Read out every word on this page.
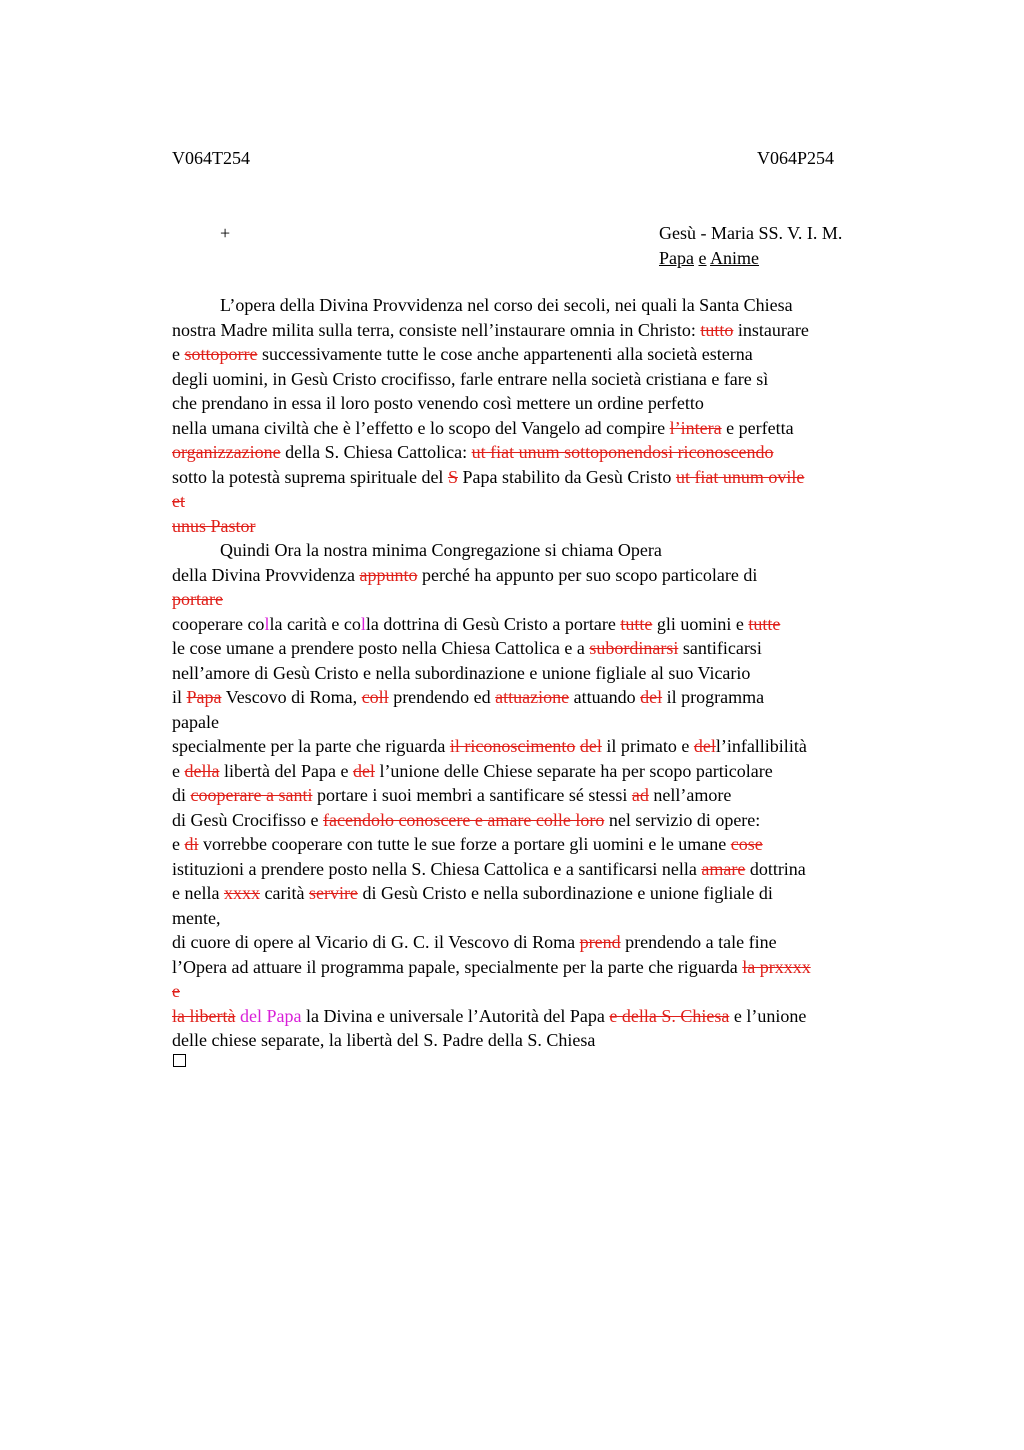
V064T254	V064P254
+	Gesù - Maria SS. V. I. M.
Papa e Anime
L’opera della Divina Provvidenza nel corso dei secoli, nei quali la Santa Chiesa
nostra Madre milita sulla terra, consiste nell’instaurare omnia in Christo: tutto instaurare
e sottoporre successivamente tutte le cose anche appartenenti alla società esterna
degli uomini, in Gesù Cristo crocifisso, farle entrare nella società cristiana e fare sì
che prendano in essa il loro posto venendo così mettere un ordine perfetto
nella umana civiltà che è l’effetto e lo scopo del Vangelo ad compire l’intera e perfetta
organizzazione della S. Chiesa Cattolica: ut fiat unum sottoponendosi riconoscendo
sotto la potestà suprema spirituale del S Papa stabilito da Gesù Cristo ut fiat unum ovile
et
unus Pastor
Quindi Ora la nostra minima Congregazione si chiama Opera
della Divina Provvidenza appunto perché ha appunto per suo scopo particolare di
portare
cooperare colla carità e colla dottrina di Gesù Cristo a portare tutte gli uomini e tutte
le cose umane a prendere posto nella Chiesa Cattolica e a subordinarsi santificarsi
nell’amore di Gesù Cristo e nella subordinazione e unione figliale al suo Vicario
il Papa Vescovo di Roma, coll prendendo ed attuazione attuando del il programma
papale
specialmente per la parte che riguarda il riconoscimento del il primato e dell’infallibilità
e della libertà del Papa e del l’unione delle Chiese separate ha per scopo particolare
di cooperare a santi portare i suoi membri a santificare sé stessi ad nell’amore
di Gesù Crocifisso e facendolo conoscere e amare colle loro nel servizio di opere:
e di vorrebbe cooperare con tutte le sue forze a portare gli uomini e le umane cose
istituzioni a prendere posto nella S. Chiesa Cattolica e a santificarsi nella amare dottrina
e nella xxxx carità servire di Gesù Cristo e nella subordinazione e unione figliale di
mente,
di cuore di opere al Vicario di G. C. il Vescovo di Roma prend prendendo a tale fine
l’Opera ad attuare il programma papale, specialmente per la parte che riguarda la prxxxx
e
la libertà del Papa la Divina e universale l’Autorità del Papa e della S. Chiesa e l’unione
delle chiese separate, la libertà del S. Padre della S. Chiesa
